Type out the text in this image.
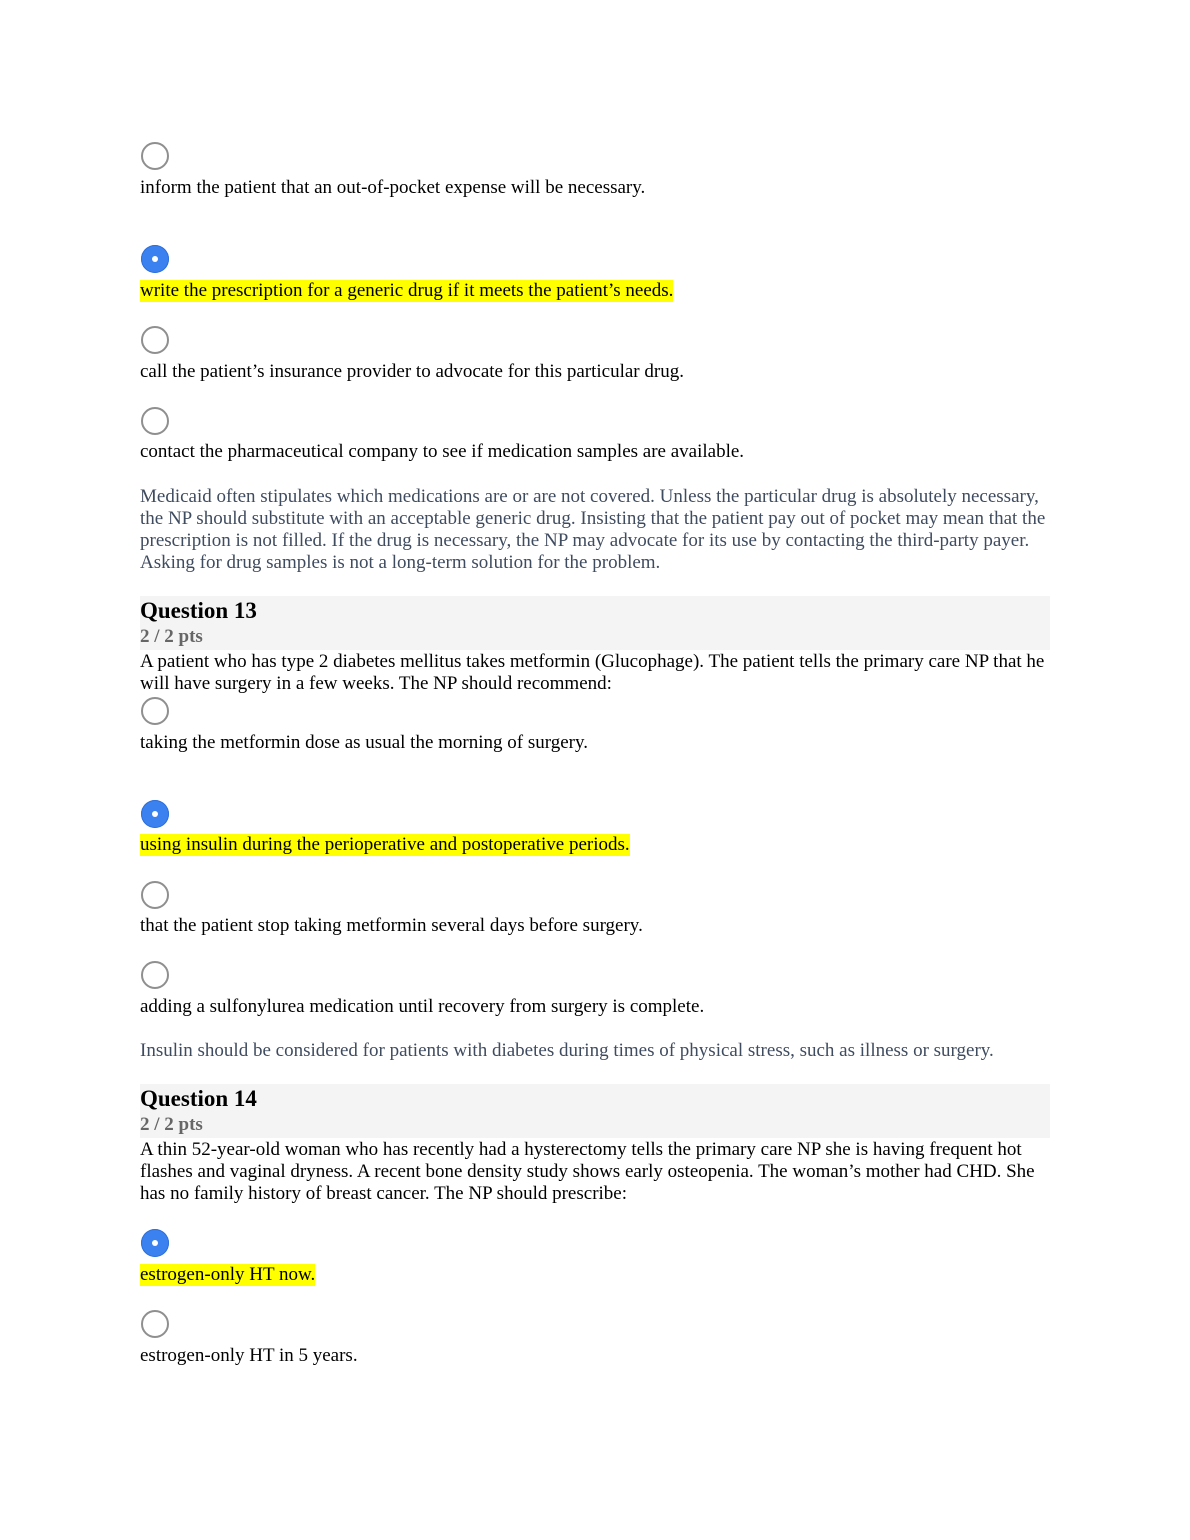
inform the patient that an out-of-pocket expense will be necessary.
write the prescription for a generic drug if it meets the patient’s needs.
call the patient’s insurance provider to advocate for this particular drug.
contact the pharmaceutical company to see if medication samples are available.
Medicaid often stipulates which medications are or are not covered. Unless the particular drug is absolutely necessary, the NP should substitute with an acceptable generic drug. Insisting that the patient pay out of pocket may mean that the prescription is not filled. If the drug is necessary, the NP may advocate for its use by contacting the third-party payer. Asking for drug samples is not a long-term solution for the problem.
Question 13
2 / 2 pts
A patient who has type 2 diabetes mellitus takes metformin (Glucophage). The patient tells the primary care NP that he will have surgery in a few weeks. The NP should recommend:
taking the metformin dose as usual the morning of surgery.
using insulin during the perioperative and postoperative periods.
that the patient stop taking metformin several days before surgery.
adding a sulfonylurea medication until recovery from surgery is complete.
Insulin should be considered for patients with diabetes during times of physical stress, such as illness or surgery.
Question 14
2 / 2 pts
A thin 52-year-old woman who has recently had a hysterectomy tells the primary care NP she is having frequent hot flashes and vaginal dryness. A recent bone density study shows early osteopenia. The woman’s mother had CHD. She has no family history of breast cancer. The NP should prescribe:
estrogen-only HT now.
estrogen-only HT in 5 years.
